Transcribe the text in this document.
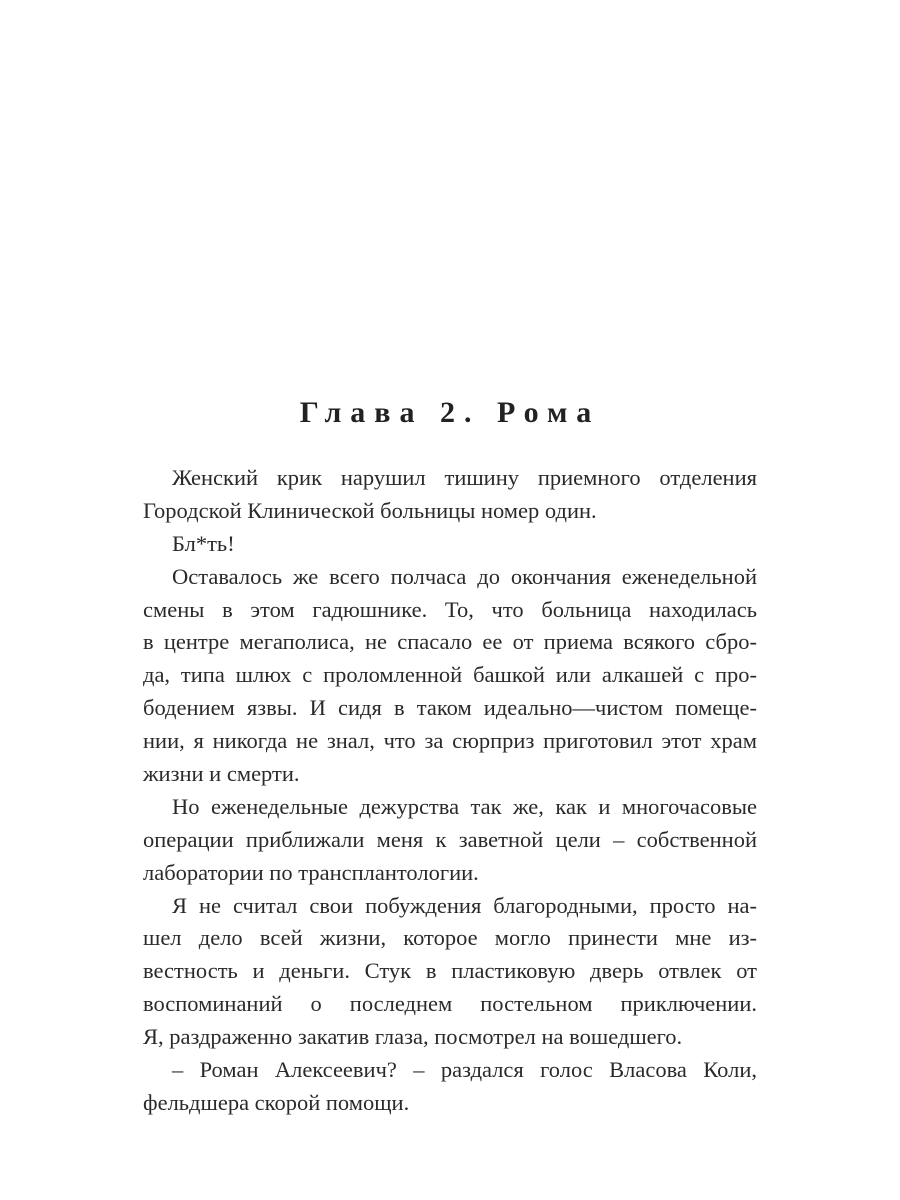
Глава 2. Рома
Женский крик нарушил тишину приемного отделения
Городской Клинической больницы номер один.
Бл*ть!
Оставалось же всего полчаса до окончания еженедельной
смены в этом гадюшнике. То, что больница находилась
в центре мегаполиса, не спасало ее от приема всякого сбро-
да, типа шлюх с проломленной башкой или алкашей с про-
бодением язвы. И сидя в таком идеально—чистом помеще-
нии, я никогда не знал, что за сюрприз приготовил этот храм
жизни и смерти.
Но еженедельные дежурства так же, как и многочасовые
операции приближали меня к заветной цели – собственной
лаборатории по трансплантологии.
Я не считал свои побуждения благородными, просто на-
шел дело всей жизни, которое могло принести мне из-
вестность и деньги. Стук в пластиковую дверь отвлек от
воспоминаний о последнем постельном приключении.
Я, раздраженно закатив глаза, посмотрел на вошедшего.
– Роман Алексеевич? – раздался голос Власова Коли,
фельдшера скорой помощи.
